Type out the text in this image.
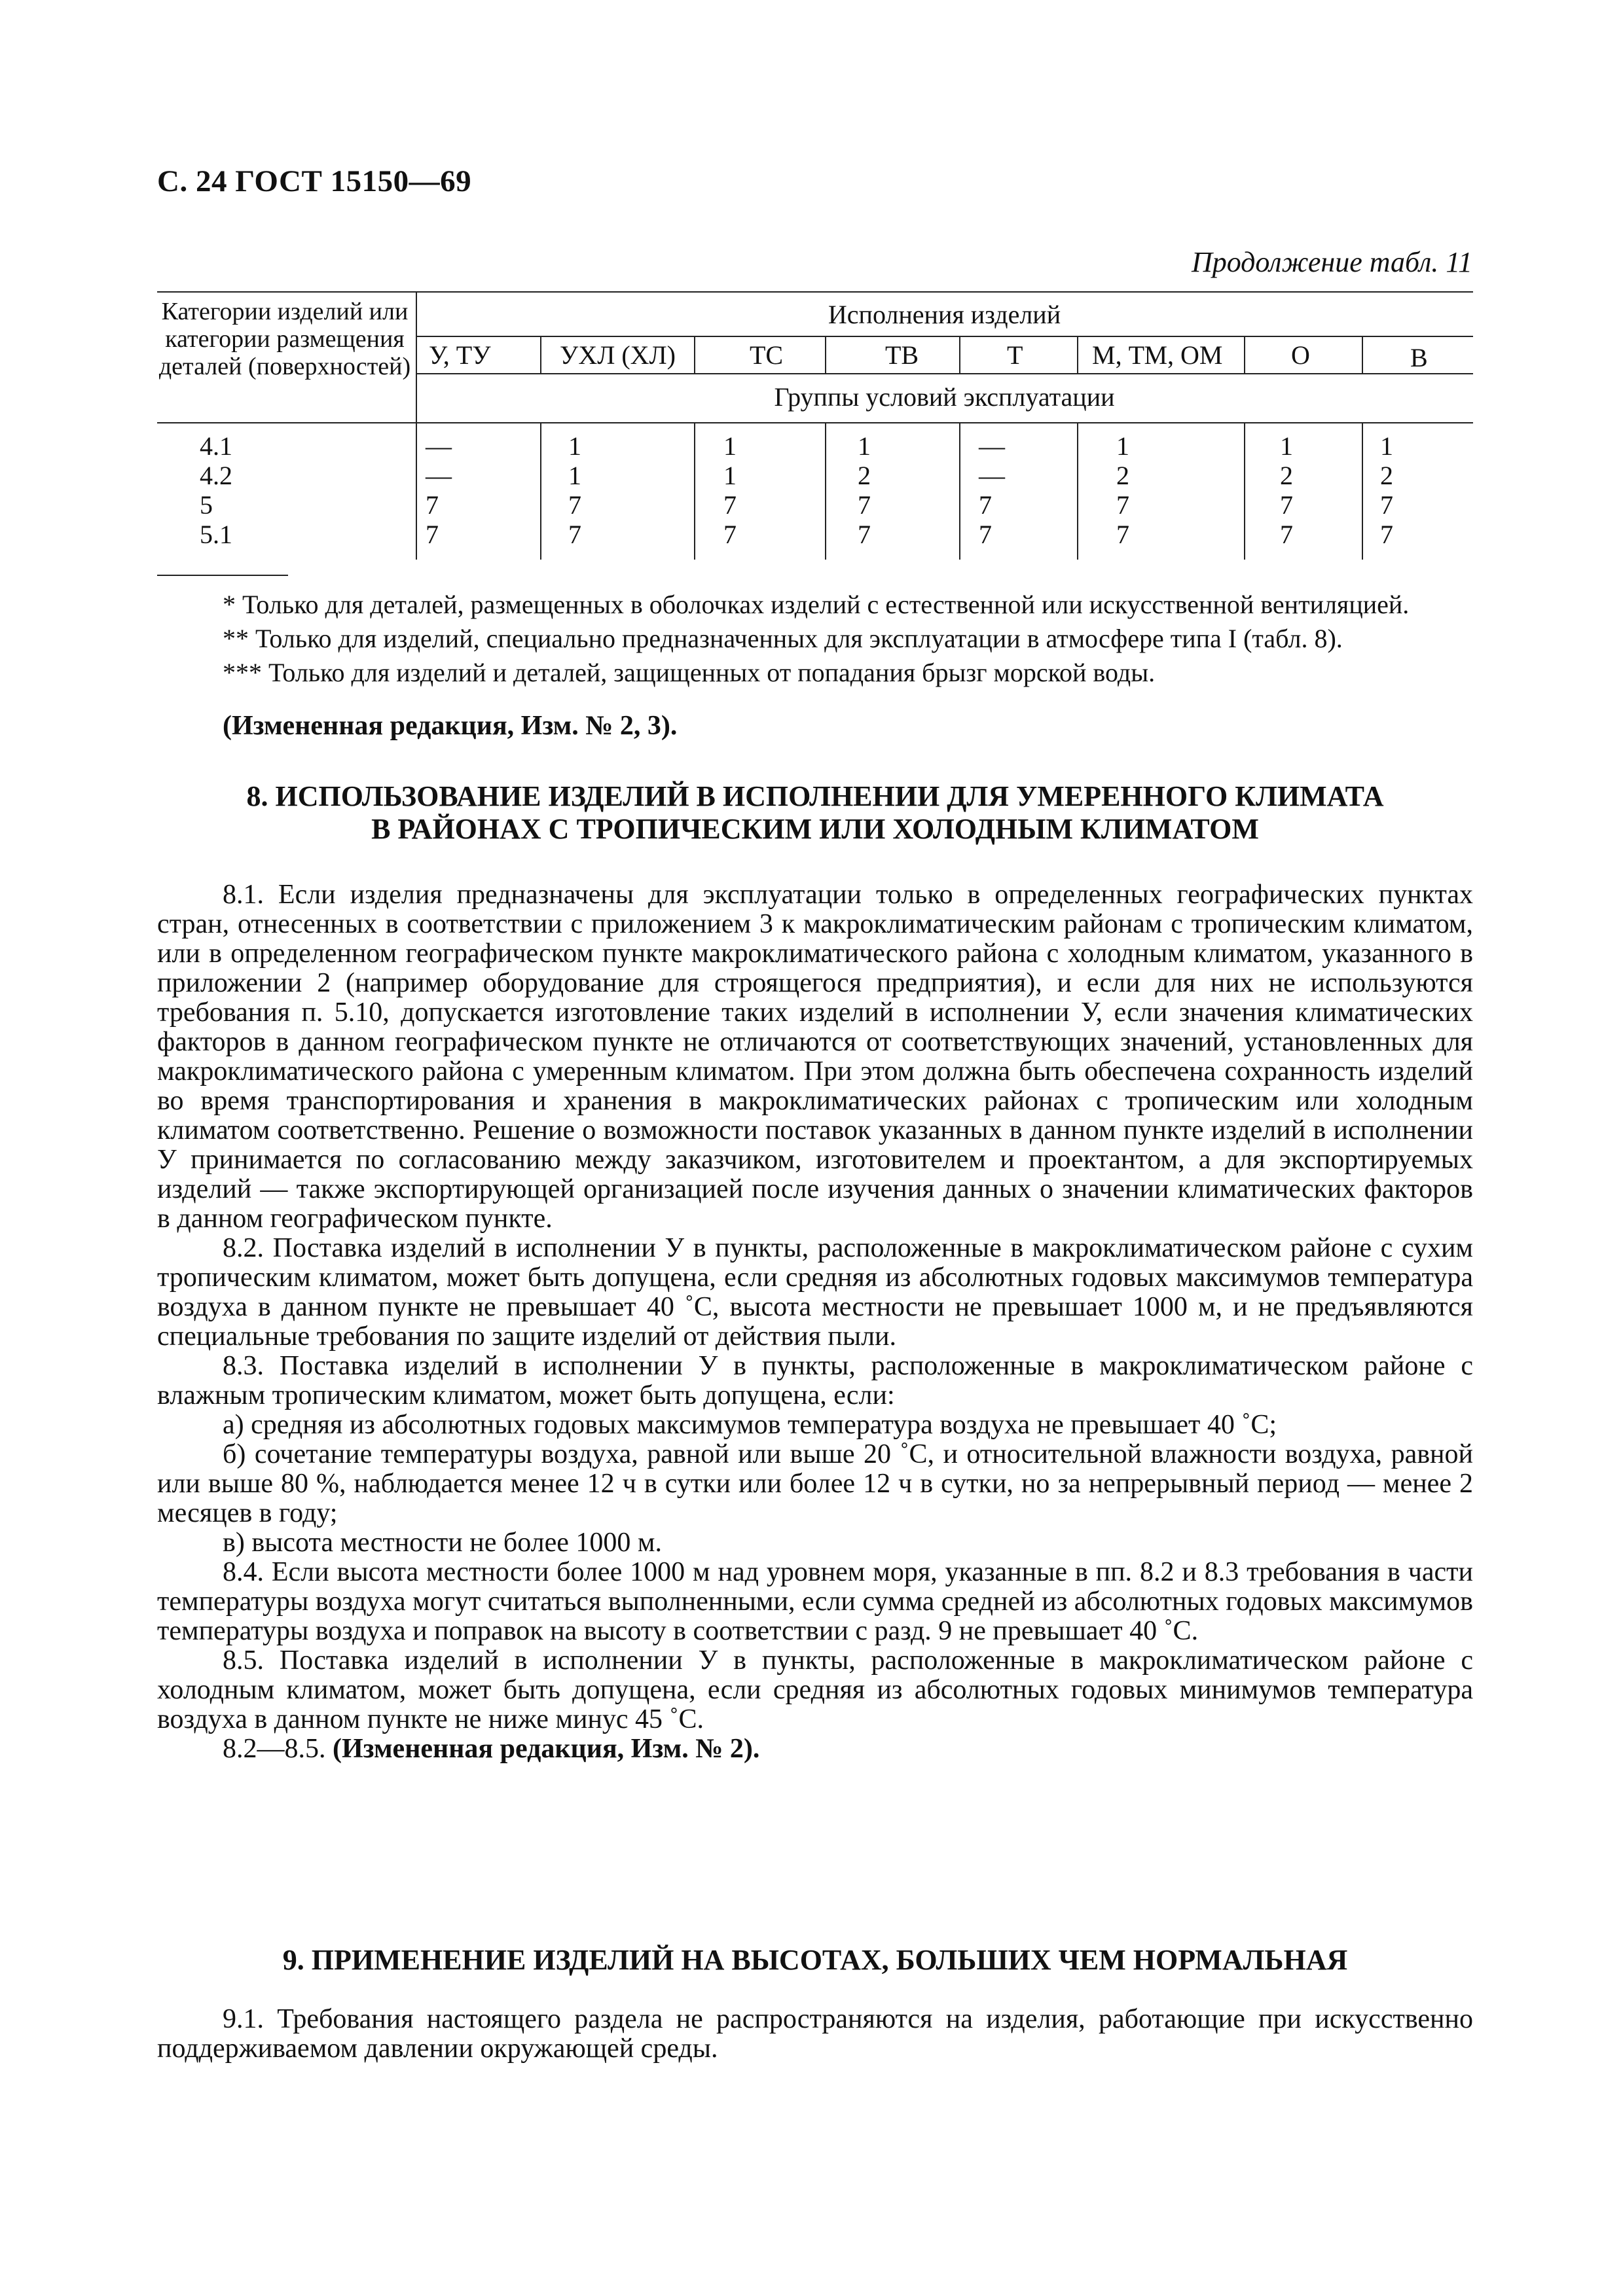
С. 24 ГОСТ 15150—69
Продолжение табл. 11
Категории изделий или категории размещения деталей (поверхностей)
Исполнения изделий
У, ТУ	УХЛ (ХЛ)	ТС	ТВ	Т	М, ТМ, ОМ	О	В
Группы условий эксплуатации
4.1	—	1	1	1	—	1	1	1
4.2	—	1	1	2	—	2	2	2
5	7	7	7	7	7	7	7	7
5.1	7	7	7	7	7	7	7	7

* Только для деталей, размещенных в оболочках изделий с естественной или искусственной вентиляцией.

** Только для изделий, специально предназначенных для эксплуатации в атмосфере типа I (табл. 8).

*** Только для изделий и деталей, защищенных от попадания брызг морской воды.

(Измененная редакция, Изм. № 2, 3).
8. ИСПОЛЬЗОВАНИЕ ИЗДЕЛИЙ В ИСПОЛНЕНИИ ДЛЯ УМЕРЕННОГО КЛИМАТА
В РАЙОНАХ С ТРОПИЧЕСКИМ ИЛИ ХОЛОДНЫМ КЛИМАТОМ

8.1. Если изделия предназначены для эксплуатации только в определенных географических пунктах стран, отнесенных в соответствии с приложением 3 к макроклиматическим районам с тропическим климатом, или в определенном географическом пункте макроклиматического района с холодным климатом, указанного в приложении 2 (например оборудование для строящегося предприятия), и если для них не используются требования п. 5.10, допускается изготовление таких изделий в исполнении У, если значения климатических факторов в данном географическом пункте не отличаются от соответствующих значений, установленных для макроклиматического района с умеренным климатом. При этом должна быть обеспечена сохранность изделий во время транспортирования и хранения в макроклиматических районах с тропическим или холодным климатом соответственно. Решение о возможности поставок указанных в данном пункте изделий в исполнении У принимается по согласованию между заказчиком, изготовителем и проектантом, а для экспортируемых изделий — также экспортирующей организацией после изучения данных о значении климатических факторов в данном географическом пункте.

8.2. Поставка изделий в исполнении У в пункты, расположенные в макроклиматическом районе с сухим тропическим климатом, может быть допущена, если средняя из абсолютных годовых максимумов температура воздуха в данном пункте не превышает 40 ˚С, высота местности не превышает 1000 м, и не предъявляются специальные требования по защите изделий от действия пыли.

8.3. Поставка изделий в исполнении У в пункты, расположенные в макроклиматическом районе с влажным тропическим климатом, может быть допущена, если:

а) средняя из абсолютных годовых максимумов температура воздуха не превышает 40 ˚С;

б) сочетание температуры воздуха, равной или выше 20 ˚С, и относительной влажности воздуха, равной или выше 80 %, наблюдается менее 12 ч в сутки или более 12 ч в сутки, но за непрерывный период — менее 2 месяцев в году;

в) высота местности не более 1000 м.

8.4. Если высота местности более 1000 м над уровнем моря, указанные в пп. 8.2 и 8.3 требования в части температуры воздуха могут считаться выполненными, если сумма средней из абсолютных годовых максимумов температуры воздуха и поправок на высоту в соответствии с разд. 9 не превышает 40 ˚С.

8.5. Поставка изделий в исполнении У в пункты, расположенные в макроклиматическом районе с холодным климатом, может быть допущена, если средняя из абсолютных годовых минимумов температура воздуха в данном пункте не ниже минус 45 ˚С.

8.2—8.5. (Измененная редакция, Изм. № 2).

9. ПРИМЕНЕНИЕ ИЗДЕЛИЙ НА ВЫСОТАХ, БОЛЬШИХ ЧЕМ НОРМАЛЬНАЯ

9.1. Требования настоящего раздела не распространяются на изделия, работающие при искусственно поддерживаемом давлении окружающей среды.
